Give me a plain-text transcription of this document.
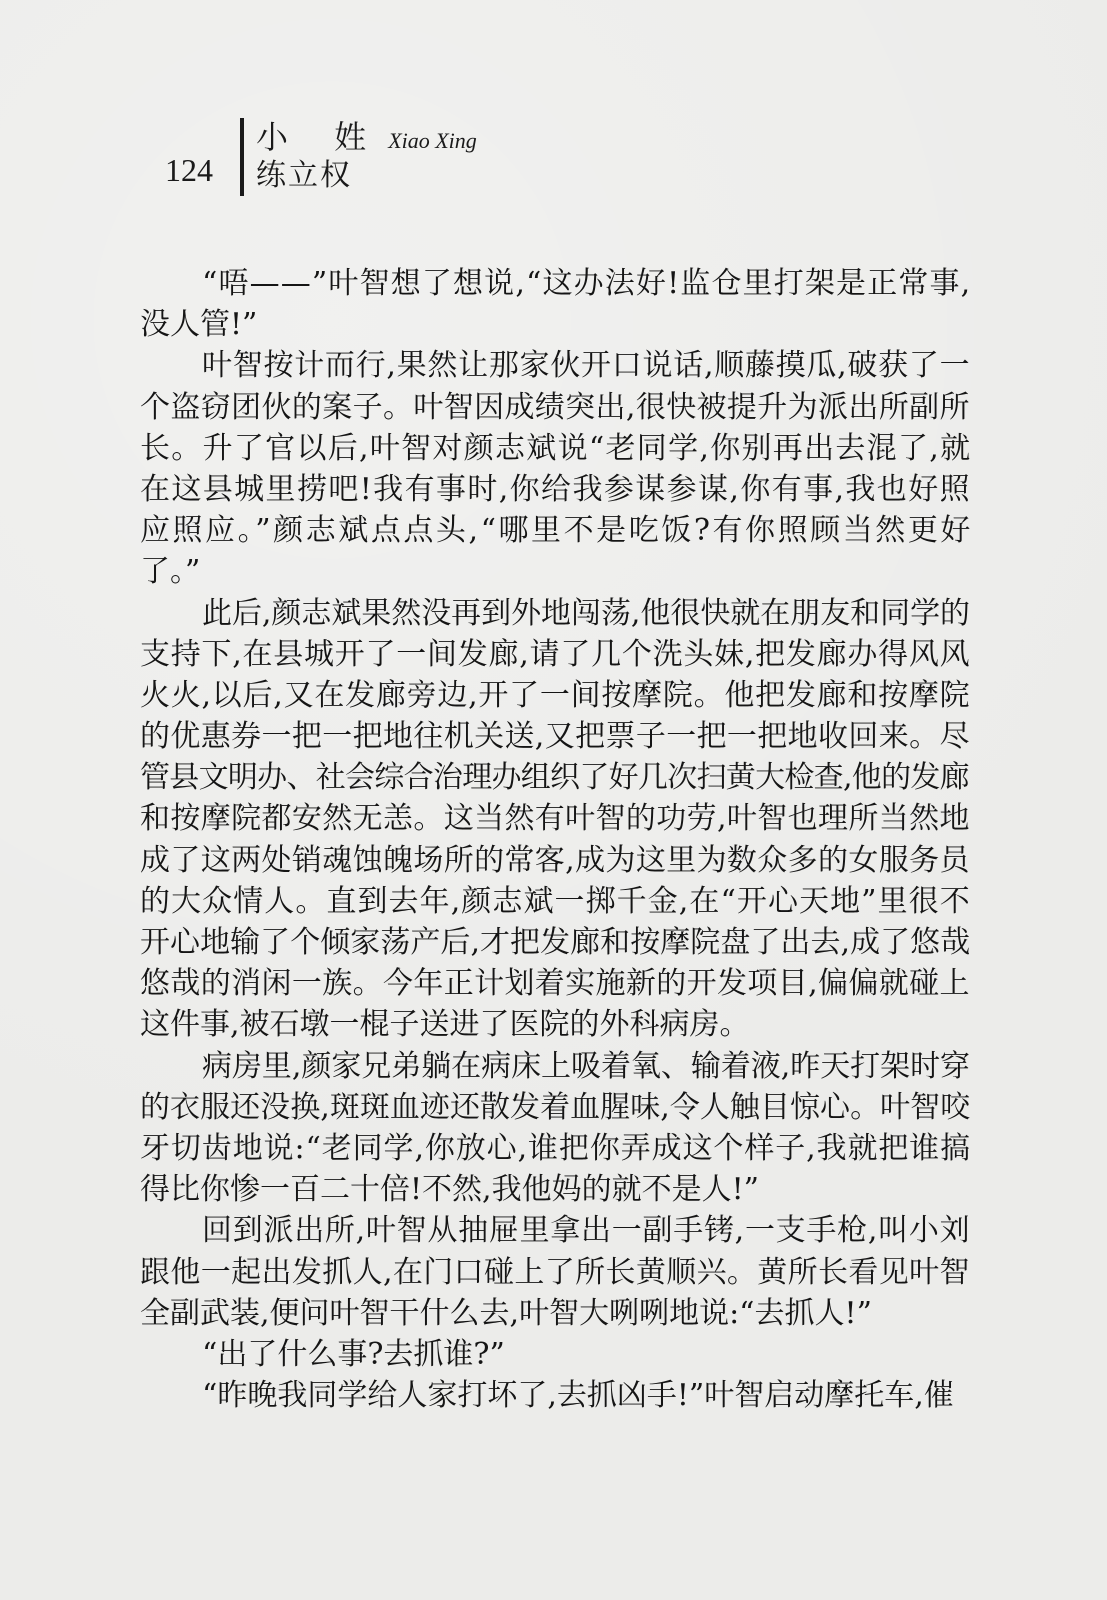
124
小 姓 Xiao Xing
练立权
“唔——”叶智想了想说,“这办法好!监仓里打架是正常事,
没人管!”
叶智按计而行,果然让那家伙开口说话,顺藤摸瓜,破获了一
个盗窃团伙的案子。叶智因成绩突出,很快被提升为派出所副所
长。升了官以后,叶智对颜志斌说“老同学,你别再出去混了,就
在这县城里捞吧!我有事时,你给我参谋参谋,你有事,我也好照
应照应。”颜志斌点点头,“哪里不是吃饭?有你照顾当然更好
了。”
此后,颜志斌果然没再到外地闯荡,他很快就在朋友和同学的
支持下,在县城开了一间发廊,请了几个洗头妹,把发廊办得风风
火火,以后,又在发廊旁边,开了一间按摩院。他把发廊和按摩院
的优惠券一把一把地往机关送,又把票子一把一把地收回来。尽
管县文明办、社会综合治理办组织了好几次扫黄大检查,他的发廊
和按摩院都安然无恙。这当然有叶智的功劳,叶智也理所当然地
成了这两处销魂蚀魄场所的常客,成为这里为数众多的女服务员
的大众情人。直到去年,颜志斌一掷千金,在“开心天地”里很不
开心地输了个倾家荡产后,才把发廊和按摩院盘了出去,成了悠哉
悠哉的消闲一族。今年正计划着实施新的开发项目,偏偏就碰上
这件事,被石墩一棍子送进了医院的外科病房。
病房里,颜家兄弟躺在病床上吸着氧、输着液,昨天打架时穿
的衣服还没换,斑斑血迹还散发着血腥味,令人触目惊心。叶智咬
牙切齿地说:“老同学,你放心,谁把你弄成这个样子,我就把谁搞
得比你惨一百二十倍!不然,我他妈的就不是人!”
回到派出所,叶智从抽屉里拿出一副手铐,一支手枪,叫小刘
跟他一起出发抓人,在门口碰上了所长黄顺兴。黄所长看见叶智
全副武装,便问叶智干什么去,叶智大咧咧地说:“去抓人!”
“出了什么事?去抓谁?”
“昨晚我同学给人家打坏了,去抓凶手!”叶智启动摩托车,催
